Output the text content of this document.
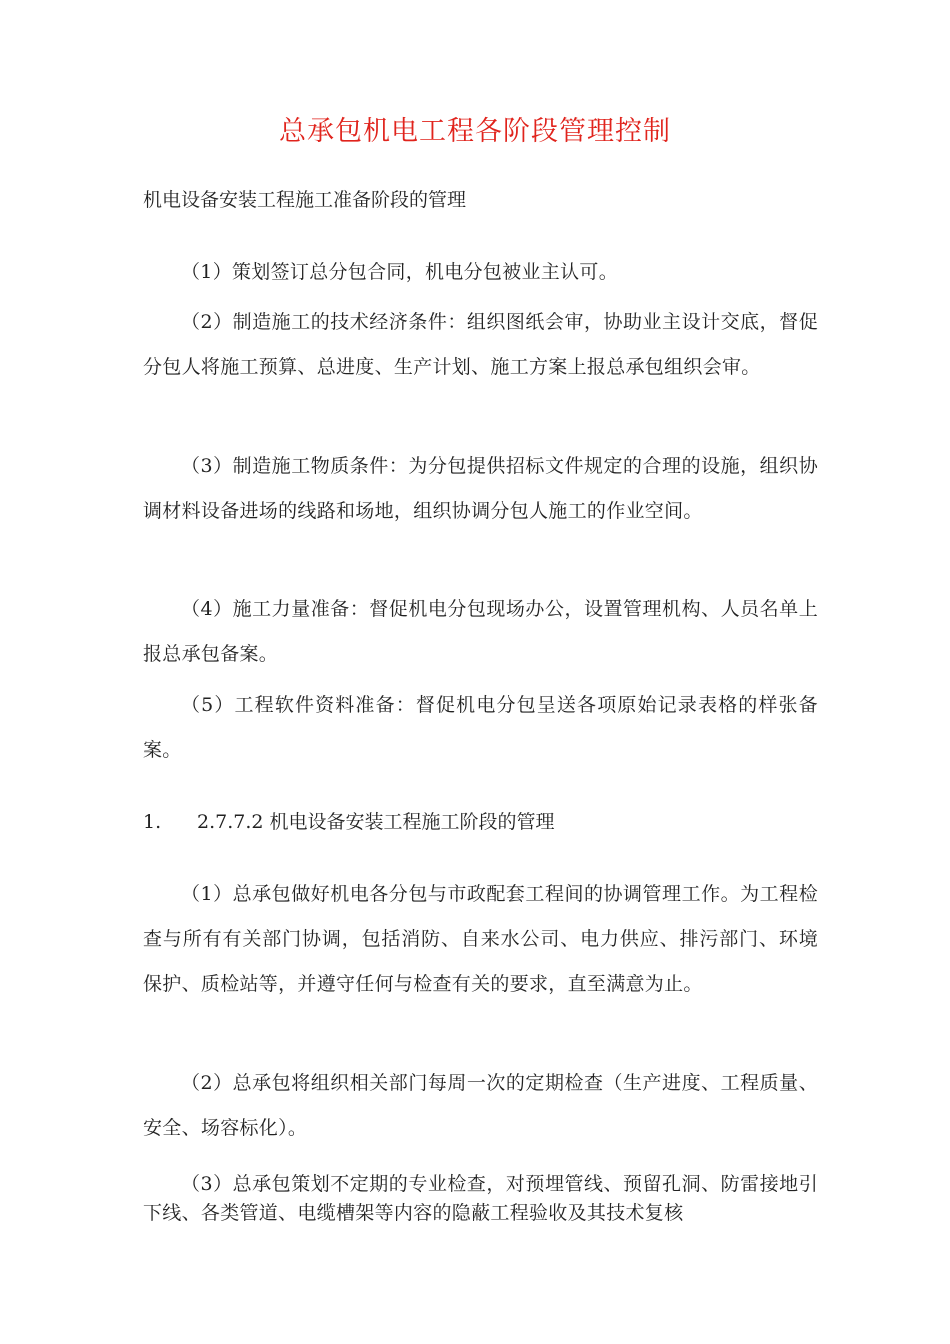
总承包机电工程各阶段管理控制
机电设备安装工程施工准备阶段的管理

（1）策划签订总分包合同，机电分包被业主认可。

（2）制造施工的技术经济条件：组织图纸会审，协助业主设计交底，督促分包人将施工预算、总进度、生产计划、施工方案上报总承包组织会审。

（3）制造施工物质条件：为分包提供招标文件规定的合理的设施，组织协调材料设备进场的线路和场地，组织协调分包人施工的作业空间。

（4）施工力量准备：督促机电分包现场办公，设置管理机构、人员名单上报总承包备案。

（5）工程软件资料准备：督促机电分包呈送各项原始记录表格的样张备案。

1. 2.7.7.2 机电设备安装工程施工阶段的管理

（1）总承包做好机电各分包与市政配套工程间的协调管理工作。为工程检查与所有有关部门协调，包括消防、自来水公司、电力供应、排污部门、环境保护、质检站等，并遵守任何与检查有关的要求，直至满意为止。

（2）总承包将组织相关部门每周一次的定期检查（生产进度、工程质量、安全、场容标化）。

（3）总承包策划不定期的专业检查，对预埋管线、预留孔洞、防雷接地引下线、各类管道、电缆槽架等内容的隐蔽工程验收及其技术复核
